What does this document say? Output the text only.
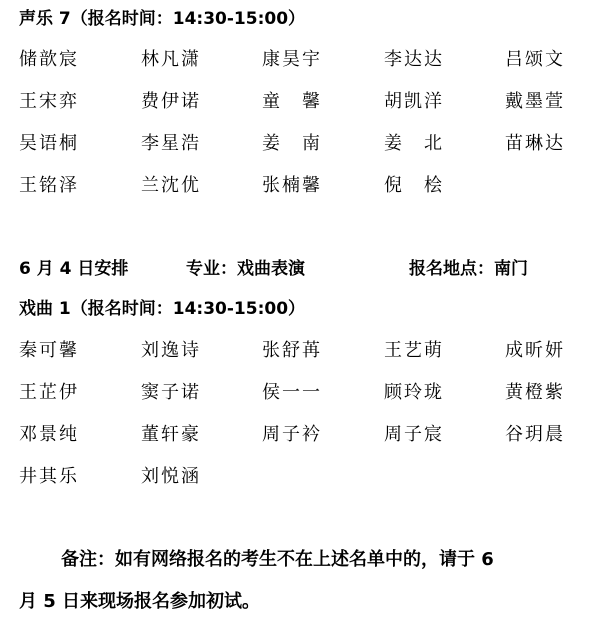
声乐 7（报名时间：14:30-15:00）
储歆宸	林凡潇	康昊宇	李达达	吕颂文
王宋弈	费伊诺	童　馨	胡凯洋	戴墨萱
吴语桐	李星浩	姜　南	姜　北	苗琳达
王铭泽	兰沈优	张楠馨	倪　桧
6 月 4 日安排	专业：戏曲表演	报名地点：南门
戏曲 1（报名时间：14:30-15:00）
秦可馨	刘逸诗	张舒苒	王艺萌	成昕妍
王芷伊	窦子诺	侯一一	顾玲珑	黄橙紫
邓景纯	董轩豪	周子衿	周子宸	谷玥晨
井其乐	刘悦涵
备注：如有网络报名的考生不在上述名单中的，请于 6
月 5 日来现场报名参加初试。
